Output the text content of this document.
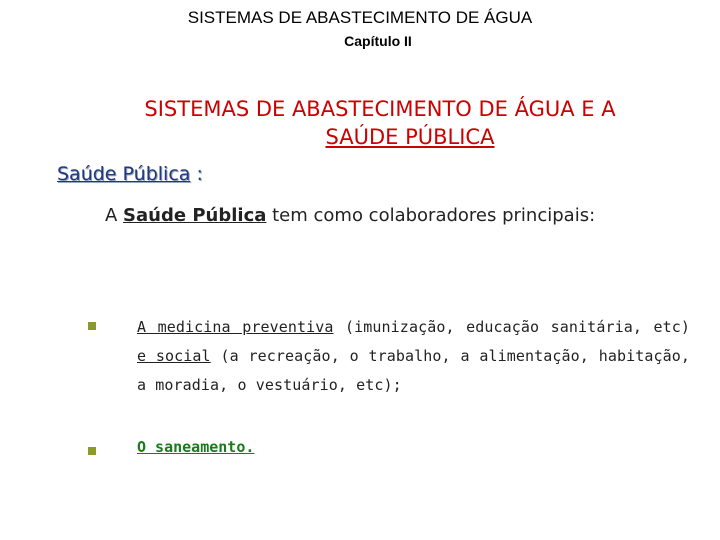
SISTEMAS DE ABASTECIMENTO DE ÁGUA
Capítulo II
SISTEMAS DE ABASTECIMENTO DE ÁGUA E A
SAÚDE PÚBLICA
Saúde Pública :
A Saúde Pública tem como colaboradores principais:
A medicina preventiva (imunização, educação sanitária, etc) e social (a recreação, o trabalho, a alimentação, habitação, a moradia, o vestuário, etc);
O saneamento.
